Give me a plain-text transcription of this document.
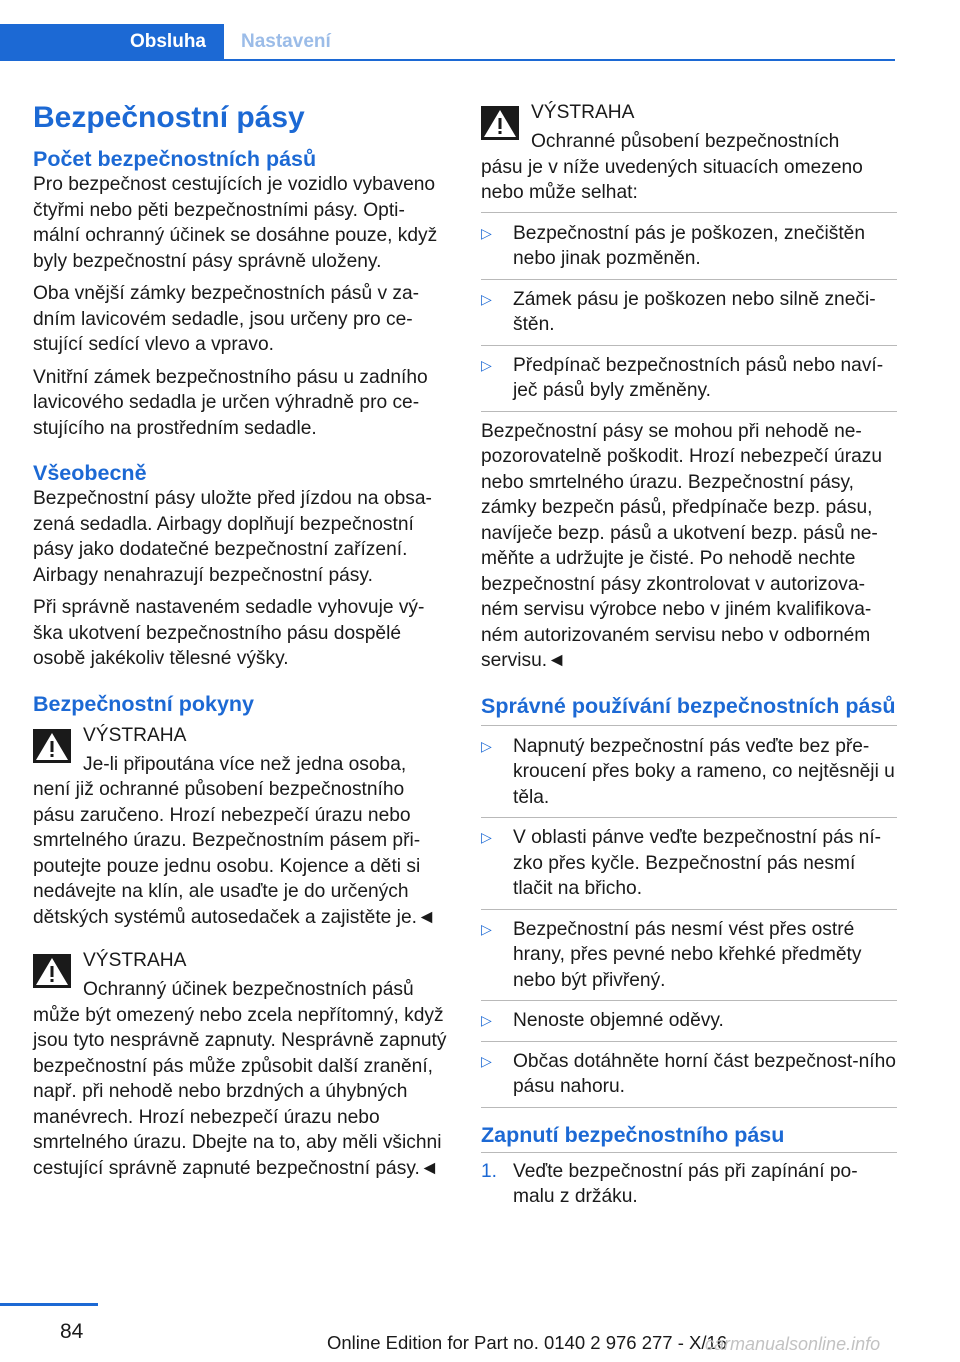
Obsluha Nastavení
Bezpečnostní pásy
Počet bezpečnostních pásů

Pro bezpečnost cestujících je vozidlo vybaveno čtyřmi nebo pěti bezpečnostními pásy. Opti-mální ochranný účinek se dosáhne pouze, když byly bezpečnostní pásy správně uloženy.

Oba vnější zámky bezpečnostních pásů v za-dním lavicovém sedadle, jsou určeny pro ce-stující sedící vlevo a vpravo.

Vnitřní zámek bezpečnostního pásu u zadního lavicového sedadla je určen výhradně pro ce-stujícího na prostředním sedadle.

Všeobecně

Bezpečnostní pásy uložte před jízdou na obsa-zená sedadla. Airbagy doplňují bezpečnostní pásy jako dodatečné bezpečnostní zařízení. Airbagy nenahrazují bezpečnostní pásy.

Při správně nastaveném sedadle vyhovuje vý-ška ukotvení bezpečnostního pásu dospělé osobě jakékoliv tělesné výšky.

Bezpečnostní pokyny
VÝSTRAHA
Je-li připoutána více než jedna osoba,
není již ochranné působení bezpečnostního pásu zaručeno. Hrozí nebezpečí úrazu nebo smrtelného úrazu. Bezpečnostním pásem při-poutejte pouze jednu osobu. Kojence a děti si nedávejte na klín, ale usaďte je do určených dětských systémů autosedaček a zajistěte je.◄
VÝSTRAHA
Ochranný účinek bezpečnostních pásů
může být omezený nebo zcela nepřítomný, když jsou tyto nesprávně zapnuty. Nesprávně zapnutý bezpečnostní pás může způsobit další zranění, např. při nehodě nebo brzdných a úhybných manévrech. Hrozí nebezpečí úrazu nebo smrtelného úrazu. Dbejte na to, aby měli všichni cestující správně zapnuté bezpečnostní pásy.◄
VÝSTRAHA
Ochranné působení bezpečnostních
pásu je v níže uvedených situacích omezeno nebo může selhat:
▷ Bezpečnostní pás je poškozen, znečištěn nebo jinak pozměněn.
▷ Zámek pásu je poškozen nebo silně zneči-štěn.
▷ Předpínač bezpečnostních pásů nebo naví-ječ pásů byly změněny.

Bezpečnostní pásy se mohou při nehodě ne-pozorovatelně poškodit. Hrozí nebezpečí úrazu nebo smrtelného úrazu. Bezpečnostní pásy, zámky bezpečn pásů, předpínače bezp. pásu, navíječe bezp. pásů a ukotvení bezp. pásů ne-měňte a udržujte je čisté. Po nehodě nechte bezpečnostní pásy zkontrolovat v autorizova-ném servisu výrobce nebo v jiném kvalifikova-ném autorizovaném servisu nebo v odborném servisu.◄

Správné používání bezpečnostních pásů
▷ Napnutý bezpečnostní pás veďte bez pře-kroucení přes boky a rameno, co nejtěsněji u těla.
▷ V oblasti pánve veďte bezpečnostní pás ní-zko přes kyčle. Bezpečnostní pás nesmí tlačit na břicho.
▷ Bezpečnostní pás nesmí vést přes ostré hrany, přes pevné nebo křehké předměty nebo být přivřený.
▷ Nenoste objemné oděvy.
▷ Občas dotáhněte horní část bezpečnost-ního pásu nahoru.
Zapnutí bezpečnostního pásu
1. Veďte bezpečnostní pás při zapínání po-malu z držáku.
84	Online Edition for Part no. 0140 2 976 277 - X/16
carmanualsonline.info
